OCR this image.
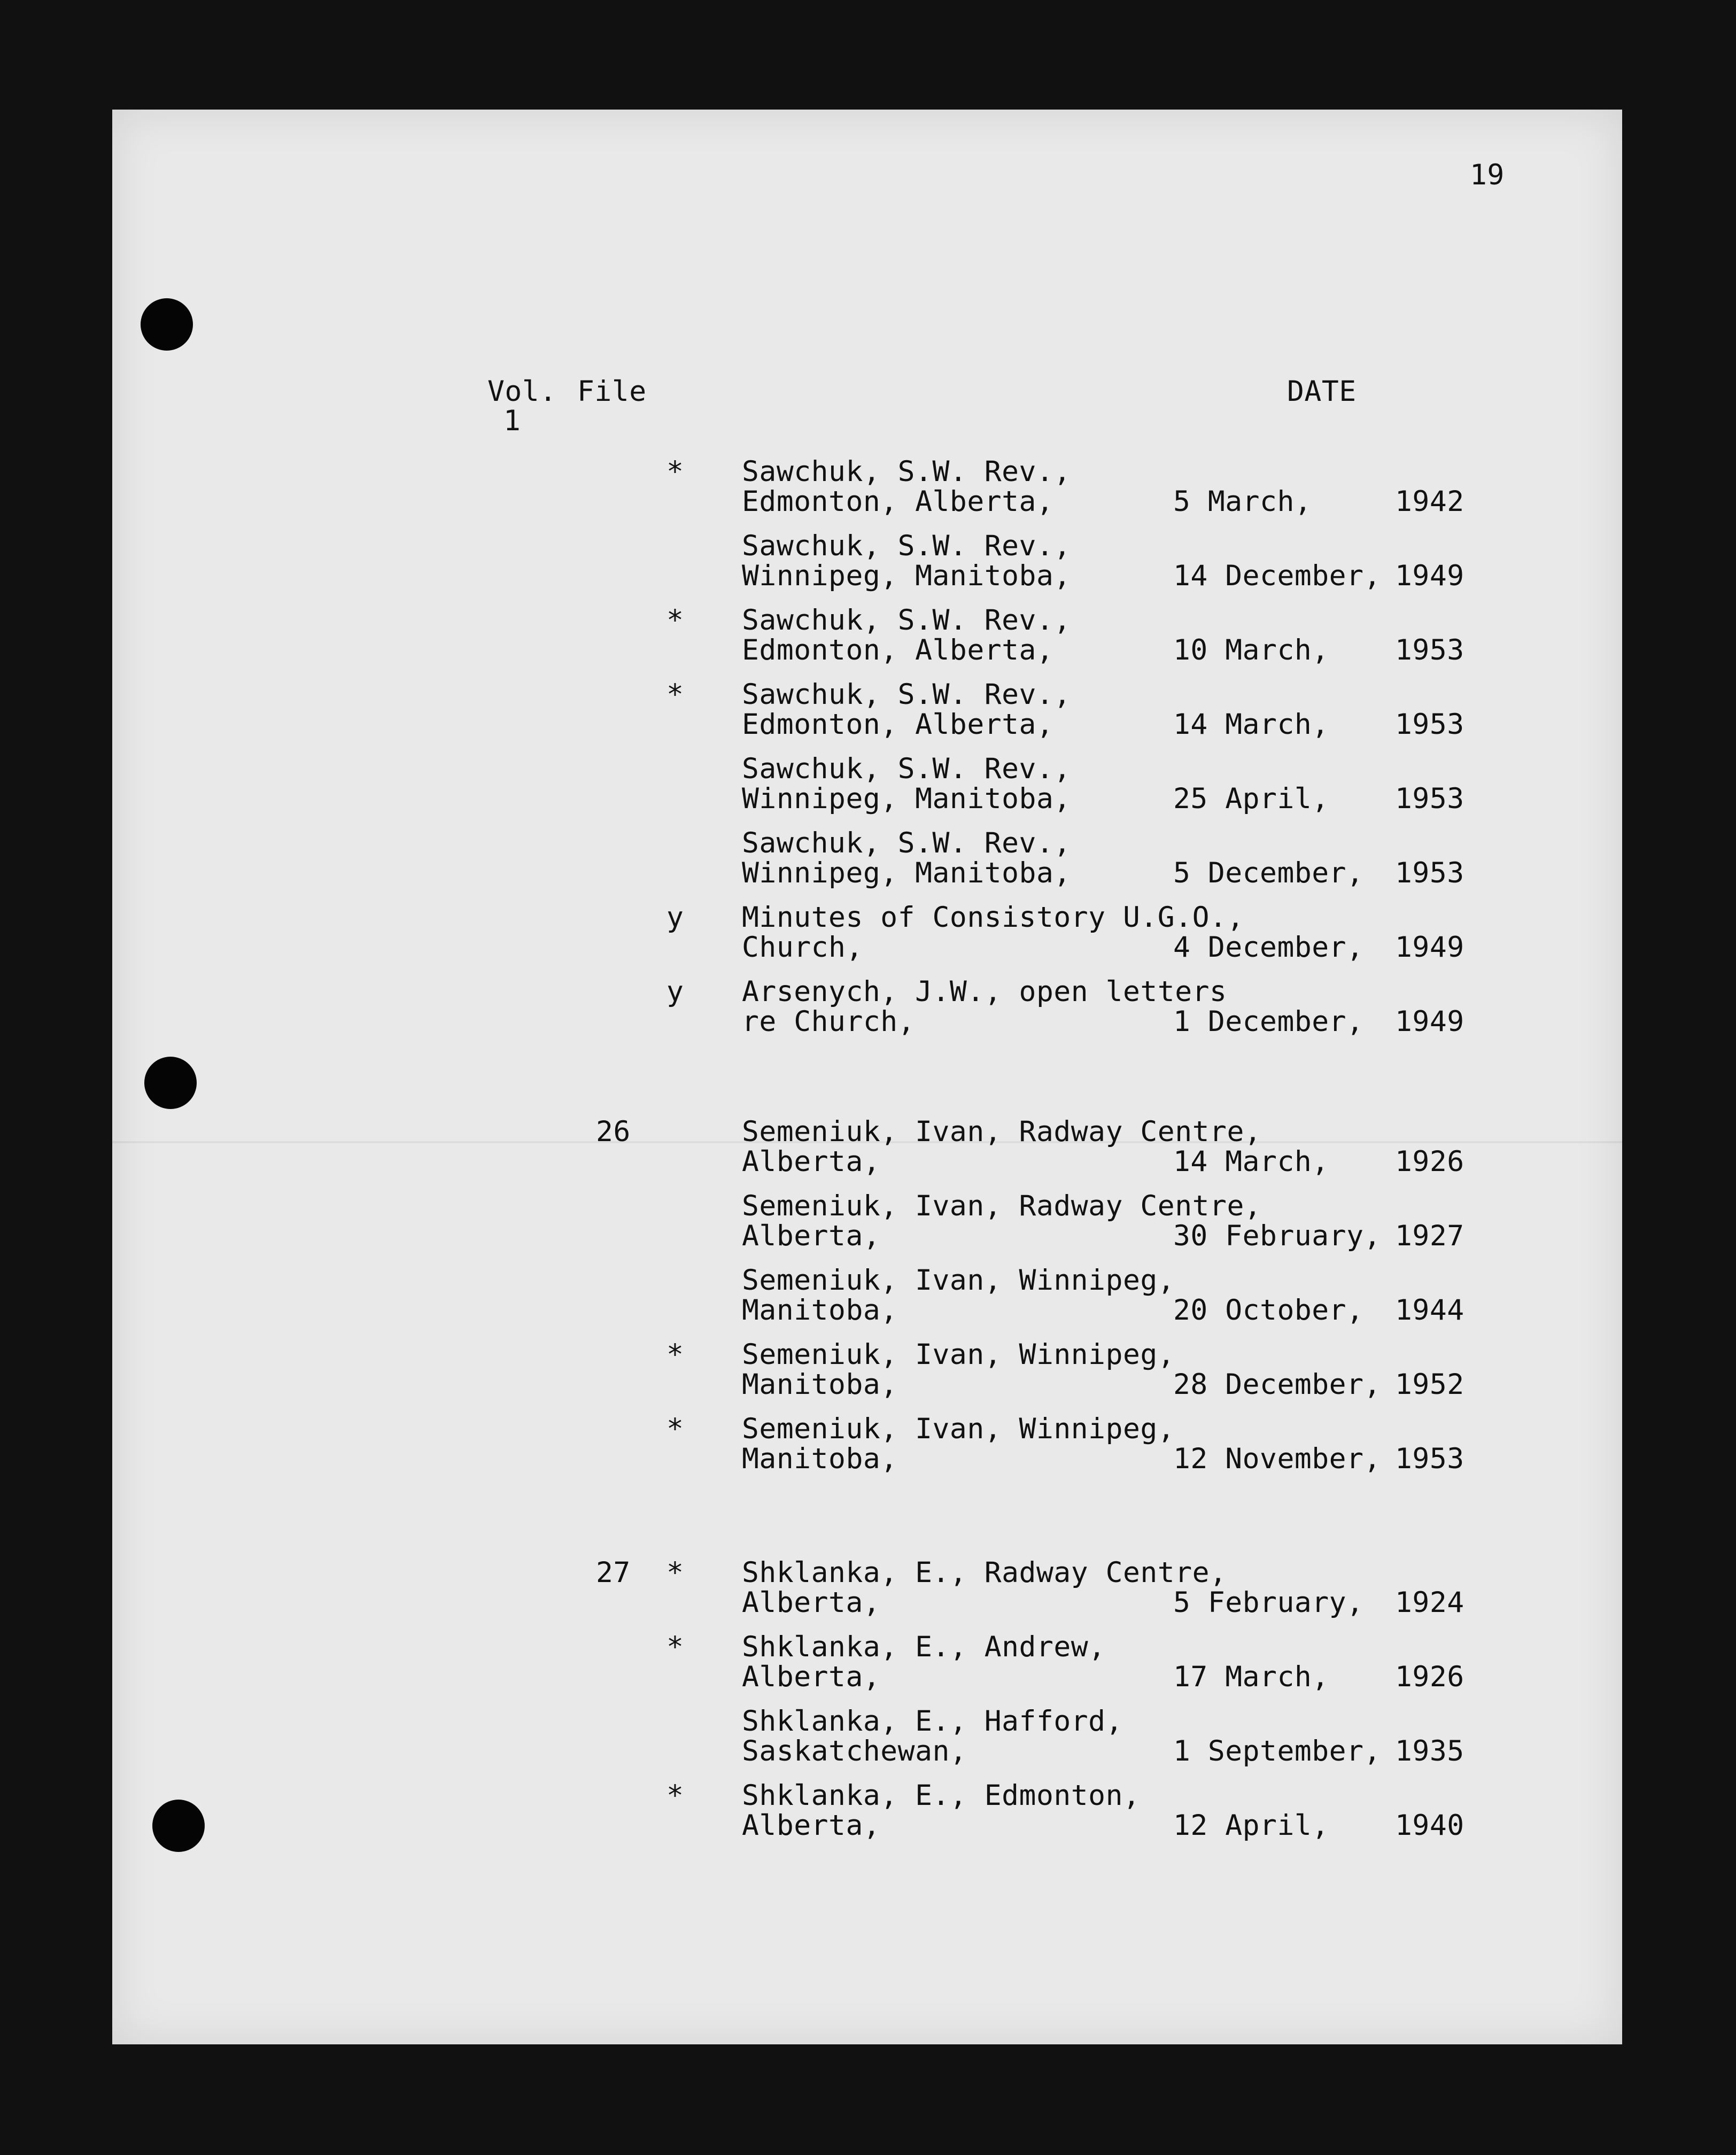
19
Vol. File	DATE
1
* Sawchuk, S.W. Rev.,
Edmonton, Alberta,	5 March,	1942
Sawchuk, S.W. Rev.,
Winnipeg, Manitoba,	14 December, 1949
* Sawchuk, S.W. Rev.,
Edmonton, Alberta,	10 March,	1953
* Sawchuk, S.W. Rev.,
Edmonton, Alberta,	14 March,	1953
Sawchuk, S.W. Rev.,
Winnipeg, Manitoba,	25 April,	1953
Sawchuk, S.W. Rev.,
Winnipeg, Manitoba,	5 December,	1953
y Minutes of Consistory U.G.O.,
Church,	4 December,	1949
y Arsenych, J.W., open letters
re Church,	1 December,	1949
26	Semeniuk, Ivan, Radway Centre,
Alberta,	14 March,	1926
Semeniuk, Ivan, Radway Centre,
Alberta,	30 February, 1927
Semeniuk, Ivan, Winnipeg,
Manitoba,	20 October,	1944
* Semeniuk, Ivan, Winnipeg,
Manitoba,	28 December, 1952
* Semeniuk, Ivan, Winnipeg,
Manitoba,	12 November, 1953
27 * Shklanka, E., Radway Centre,
Alberta,	5 February,	1924
* Shklanka, E., Andrew,
Alberta,	17 March,	1926
Shklanka, E., Hafford,
Saskatchewan,	1 September, 1935
* Shklanka, E., Edmonton,
Alberta,	12 April,	1940
